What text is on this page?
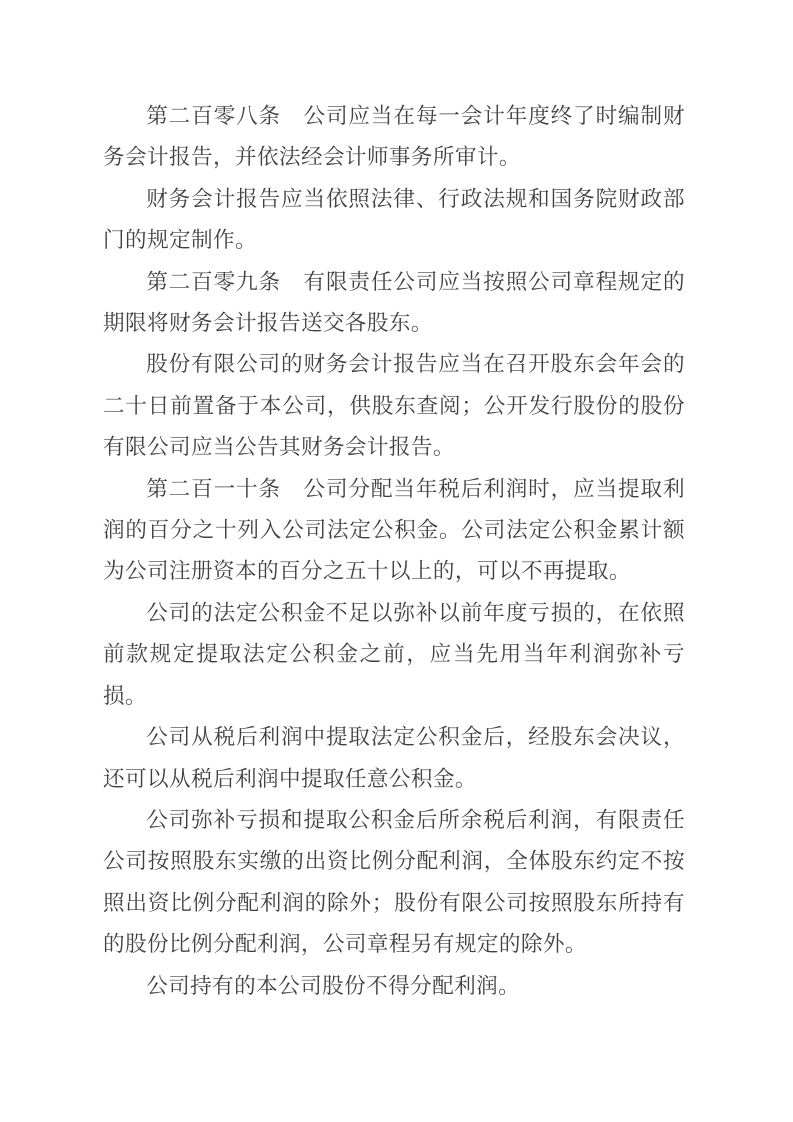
第二百零八条　公司应当在每一会计年度终了时编制财务会计报告，并依法经会计师事务所审计。

财务会计报告应当依照法律、行政法规和国务院财政部门的规定制作。

第二百零九条　有限责任公司应当按照公司章程规定的期限将财务会计报告送交各股东。

股份有限公司的财务会计报告应当在召开股东会年会的二十日前置备于本公司，供股东查阅；公开发行股份的股份有限公司应当公告其财务会计报告。

第二百一十条　公司分配当年税后利润时，应当提取利润的百分之十列入公司法定公积金。公司法定公积金累计额为公司注册资本的百分之五十以上的，可以不再提取。

公司的法定公积金不足以弥补以前年度亏损的，在依照前款规定提取法定公积金之前，应当先用当年利润弥补亏损。

公司从税后利润中提取法定公积金后，经股东会决议，还可以从税后利润中提取任意公积金。

公司弥补亏损和提取公积金后所余税后利润，有限责任公司按照股东实缴的出资比例分配利润，全体股东约定不按照出资比例分配利润的除外；股份有限公司按照股东所持有的股份比例分配利润，公司章程另有规定的除外。

公司持有的本公司股份不得分配利润。
